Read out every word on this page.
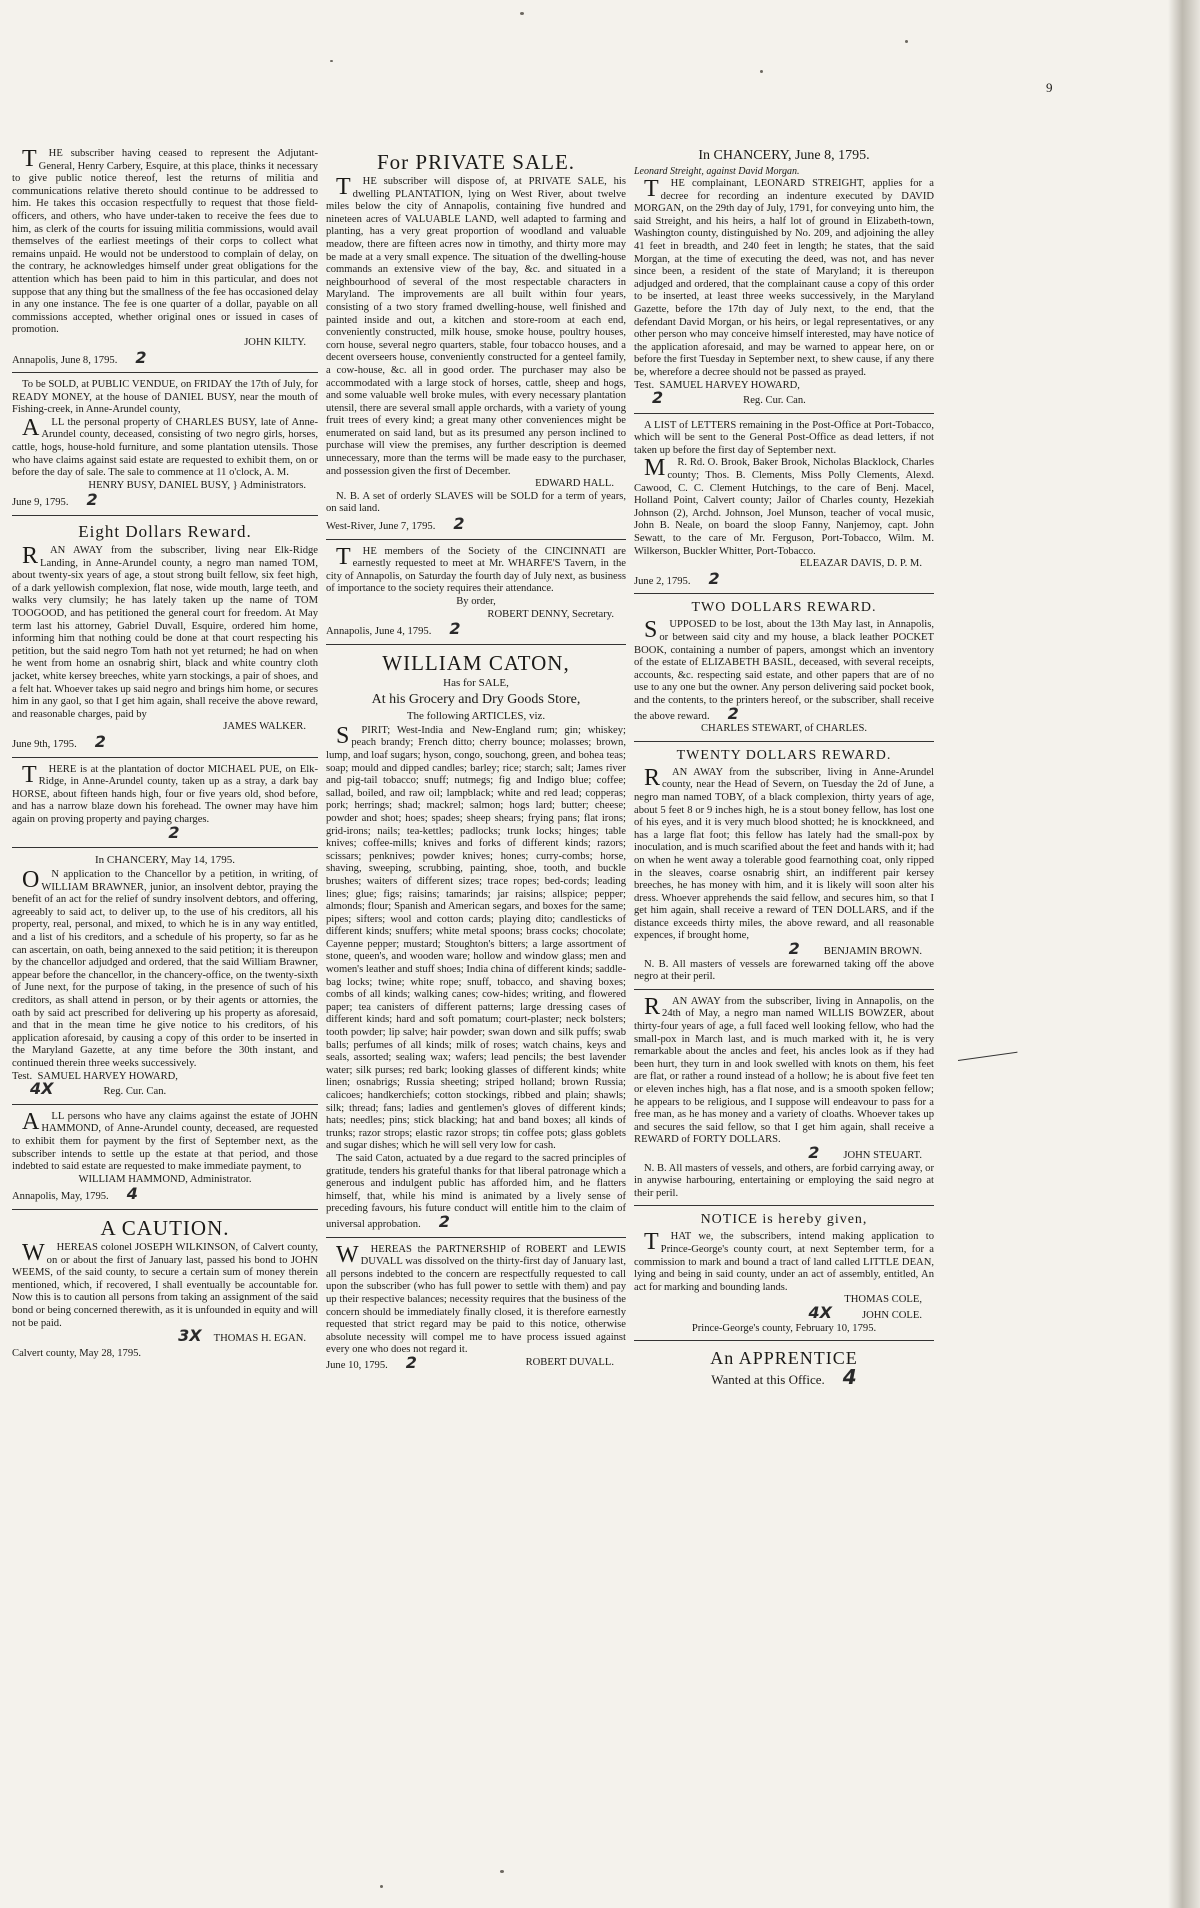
9

THE subscriber having ceased to represent the Adjutant-General, Henry Carbery, Esquire, at this place, thinks it necessary to give public notice thereof, lest the returns of militia and communications relative thereto should continue to be addressed to him. He takes this occasion respectfully to request that those field-officers, and others, who have under-taken to receive the fees due to him, as clerk of the courts for issuing militia commissions, would avail themselves of the earliest meetings of their corps to collect what remains unpaid. He would not be understood to complain of delay, on the contrary, he acknowledges himself under great obligations for the attention which has been paid to him in this particular, and does not suppose that any thing but the smallness of the fee has occasioned delay in any one instance. The fee is one quarter of a dollar, payable on all commissions accepted, whether original ones or issued in cases of promotion.

JOHN KILTY.
Annapolis, June 8, 1795. 2

To be SOLD, at PUBLIC VENDUE, on FRIDAY the 17th of July, for READY MONEY, at the house of DANIEL BUSY, near the mouth of Fishing-creek, in Anne-Arundel county,

ALL the personal property of CHARLES BUSY, late of Anne-Arundel county, deceased, consisting of two negro girls, horses, cattle, hogs, house-hold furniture, and some plantation utensils. Those who have claims against said estate are requested to exhibit them, on or before the day of sale. The sale to commence at 11 o'clock, A. M.

HENRY BUSY, DANIEL BUSY, } Administrators.
June 9, 1795. 2
Eight Dollars Reward.

RAN AWAY from the subscriber, living near Elk-Ridge Landing, in Anne-Arundel county, a negro man named TOM, about twenty-six years of age, a stout strong built fellow, six feet high, of a dark yellowish complexion, flat nose, wide mouth, large teeth, and walks very clumsily; he has lately taken up the name of TOM TOOGOOD, and has petitioned the general court for freedom. At May term last his attorney, Gabriel Duvall, Esquire, ordered him home, informing him that nothing could be done at that court respecting his petition, but the said negro Tom hath not yet returned; he had on when he went from home an osnabrig shirt, black and white country cloth jacket, white kersey breeches, white yarn stockings, a pair of shoes, and a felt hat. Whoever takes up said negro and brings him home, or secures him in any gaol, so that I get him again, shall receive the above reward, and reasonable charges, paid by

JAMES WALKER.
June 9th, 1795. 2

THERE is at the plantation of doctor MICHAEL PUE, on Elk-Ridge, in Anne-Arundel county, taken up as a stray, a dark bay HORSE, about fifteen hands high, four or five years old, shod before, and has a narrow blaze down his forehead. The owner may have him again on proving property and paying charges.

2
In CHANCERY, May 14, 1795.

ON application to the Chancellor by a petition, in writing, of WILLIAM BRAWNER, junior, an insolvent debtor, praying the benefit of an act for the relief of sundry insolvent debtors, and offering, agreeably to said act, to deliver up, to the use of his creditors, all his property, real, personal, and mixed, to which he is in any way entitled, and a list of his creditors, and a schedule of his property, so far as he can ascertain, on oath, being annexed to the said petition; it is thereupon by the chancellor adjudged and ordered, that the said William Brawner, appear before the chancellor, in the chancery-office, on the twenty-sixth of June next, for the purpose of taking, in the presence of such of his creditors, as shall attend in person, or by their agents or attornies, the oath by said act prescribed for delivering up his property as aforesaid, and that in the mean time he give notice to his creditors, of his application aforesaid, by causing a copy of this order to be inserted in the Maryland Gazette, at any time before the 30th instant, and continued therein three weeks successively.

Test. SAMUEL HARVEY HOWARD,
4X	Reg. Cur. Can.

ALL persons who have any claims against the estate of JOHN HAMMOND, of Anne-Arundel county, deceased, are requested to exhibit them for payment by the first of September next, as the subscriber intends to settle up the estate at that period, and those indebted to said estate are requested to make immediate payment, to

WILLIAM HAMMOND, Administrator.
Annapolis, May, 1795. 4
A CAUTION.

WHEREAS colonel JOSEPH WILKINSON, of Calvert county, on or about the first of January last, passed his bond to JOHN WEEMS, of the said county, to secure a certain sum of money therein mentioned, which, if recovered, I shall eventually be accountable for. Now this is to caution all persons from taking an assignment of the said bond or being concerned therewith, as it is unfounded in equity and will not be paid.

3X THOMAS H. EGAN.
Calvert county, May 28, 1795.
For PRIVATE SALE.

THE subscriber will dispose of, at PRIVATE SALE, his dwelling PLANTATION, lying on West River, about twelve miles below the city of Annapolis, containing five hundred and nineteen acres of VALUABLE LAND, well adapted to farming and planting, has a very great proportion of woodland and valuable meadow, there are fifteen acres now in timothy, and thirty more may be made at a very small expence. The situation of the dwelling-house commands an extensive view of the bay, &c. and situated in a neighbourhood of several of the most respectable characters in Maryland. The improvements are all built within four years, consisting of a two story framed dwelling-house, well finished and painted inside and out, a kitchen and store-room at each end, conveniently constructed, milk house, smoke house, poultry houses, corn house, several negro quarters, stable, four tobacco houses, and a decent overseers house, conveniently constructed for a genteel family, a cow-house, &c. all in good order. The purchaser may also be accommodated with a large stock of horses, cattle, sheep and hogs, and some valuable well broke mules, with every necessary plantation utensil, there are several small apple orchards, with a variety of young fruit trees of every kind; a great many other conveniences might be enumerated on said land, but as its presumed any person inclined to purchase will view the premises, any further description is deemed unnecessary, more than the terms will be made easy to the purchaser, and possession given the first of December.

EDWARD HALL.

N. B. A set of orderly SLAVES will be SOLD for a term of years, on said land.

West-River, June 7, 1795. 2

THE members of the Society of the CINCINNATI are earnestly requested to meet at Mr. WHARFE'S Tavern, in the city of Annapolis, on Saturday the fourth day of July next, as business of importance to the society requires their attendance.

By order,
ROBERT DENNY, Secretary.
Annapolis, June 4, 1795. 2
WILLIAM CATON,
Has for SALE,
At his Grocery and Dry Goods Store,
The following ARTICLES, viz.

SPIRIT; West-India and New-England rum; gin; whiskey; peach brandy; French ditto; cherry bounce; molasses; brown, lump, and loaf sugars; hyson, congo, souchong, green, and bohea teas; soap; mould and dipped candles; barley; rice; starch; salt; James river and pig-tail tobacco; snuff; nutmegs; fig and Indigo blue; coffee; sallad, boiled, and raw oil; lampblack; white and red lead; copperas; pork; herrings; shad; mackrel; salmon; hogs lard; butter; cheese; powder and shot; hoes; spades; sheep shears; frying pans; flat irons; grid-irons; nails; tea-kettles; padlocks; trunk locks; hinges; table knives; coffee-mills; knives and forks of different kinds; razors; scissars; penknives; powder knives; hones; curry-combs; horse, shaving, sweeping, scrubbing, painting, shoe, tooth, and buckle brushes; waiters of different sizes; trace ropes; bed-cords; leading lines; glue; figs; raisins; tamarinds; jar raisins; allspice; pepper; almonds; flour; Spanish and American segars, and boxes for the same; pipes; sifters; wool and cotton cards; playing dito; candlesticks of different kinds; snuffers; white metal spoons; brass cocks; chocolate; Cayenne pepper; mustard; Stoughton's bitters; a large assortment of stone, queen's, and wooden ware; hollow and window glass; men and women's leather and stuff shoes; India china of different kinds; saddle-bag locks; twine; white rope; snuff, tobacco, and shaving boxes; combs of all kinds; walking canes; cow-hides; writing, and flowered paper; tea canisters of different patterns; large dressing cases of different kinds; hard and soft pomatum; court-plaster; neck bolsters; tooth powder; lip salve; hair powder; swan down and silk puffs; swab balls; perfumes of all kinds; milk of roses; watch chains, keys and seals, assorted; sealing wax; wafers; lead pencils; the best lavender water; silk purses; red bark; looking glasses of different kinds; white linen; osnabrigs; Russia sheeting; striped holland; brown Russia; calicoes; handkerchiefs; cotton stockings, ribbed and plain; shawls; silk; thread; fans; ladies and gentlemen's gloves of different kinds; hats; needles; pins; stick blacking; hat and band boxes; all kinds of trunks; razor strops; elastic razor strops; tin coffee pots; glass goblets and sugar dishes; which he will sell very low for cash.

The said Caton, actuated by a due regard to the sacred principles of gratitude, tenders his grateful thanks for that liberal patronage which a generous and indulgent public has afforded him, and he flatters himself, that, while his mind is animated by a lively sense of preceding favours, his future conduct will entitle him to the claim of universal approbation. 2

WHEREAS the PARTNERSHIP of ROBERT and LEWIS DUVALL was dissolved on the thirty-first day of January last, all persons indebted to the concern are respectfully requested to call upon the subscriber (who has full power to settle with them) and pay up their respective balances; necessity requires that the business of the concern should be immediately finally closed, it is therefore earnestly requested that strict regard may be paid to this notice, otherwise absolute necessity will compel me to have process issued against every one who does not regard it.

June 10, 1795. 2	ROBERT DUVALL.
In CHANCERY, June 8, 1795.
Leonard Streight, against David Morgan.

THE complainant, LEONARD STREIGHT, applies for a decree for recording an indenture executed by DAVID MORGAN, on the 29th day of July, 1791, for conveying unto him, the said Streight, and his heirs, a half lot of ground in Elizabeth-town, Washington county, distinguished by No. 209, and adjoining the alley 41 feet in breadth, and 240 feet in length; he states, that the said Morgan, at the time of executing the deed, was not, and has never since been, a resident of the state of Maryland; it is thereupon adjudged and ordered, that the complainant cause a copy of this order to be inserted, at least three weeks successively, in the Maryland Gazette, before the 17th day of July next, to the end, that the defendant David Morgan, or his heirs, or legal representatives, or any other person who may conceive himself interested, may have notice of the application aforesaid, and may be warned to appear here, on or before the first Tuesday in September next, to shew cause, if any there be, wherefore a decree should not be passed as prayed.

Test. SAMUEL HARVEY HOWARD,
2	Reg. Cur. Can.

A LIST of LETTERS remaining in the Post-Office at Port-Tobacco, which will be sent to the General Post-Office as dead letters, if not taken up before the first day of September next.

MR. Rd. O. Brook, Baker Brook, Nicholas Blacklock, Charles county; Thos. B. Clements, Miss Polly Clements, Alexd. Cawood, C. C. Clement Hutchings, to the care of Benj. Macel, Holland Point, Calvert county; Jailor of Charles county, Hezekiah Johnson (2), Archd. Johnson, Joel Munson, teacher of vocal music, John B. Neale, on board the sloop Fanny, Nanjemoy, capt. John Sewatt, to the care of Mr. Ferguson, Port-Tobacco, Wilm. M. Wilkerson, Buckler Whitter, Port-Tobacco.

ELEAZAR DAVIS, D. P. M.
June 2, 1795. 2
TWO DOLLARS REWARD.

SUPPOSED to be lost, about the 13th May last, in Annapolis, or between said city and my house, a black leather POCKET BOOK, containing a number of papers, amongst which an inventory of the estate of ELIZABETH BASIL, deceased, with several receipts, accounts, &c. respecting said estate, and other papers that are of no use to any one but the owner. Any person delivering said pocket book, and the contents, to the printers hereof, or the subscriber, shall receive the above reward. 2

CHARLES STEWART, of CHARLES.
TWENTY DOLLARS REWARD.

RAN AWAY from the subscriber, living in Anne-Arundel county, near the Head of Severn, on Tuesday the 2d of June, a negro man named TOBY, of a black complexion, thirty years of age, about 5 feet 8 or 9 inches high, he is a stout boney fellow, has lost one of his eyes, and it is very much blood shotted; he is knockkneed, and has a large flat foot; this fellow has lately had the small-pox by inoculation, and is much scarified about the feet and hands with it; had on when he went away a tolerable good fearnothing coat, only ripped in the sleaves, coarse osnabrig shirt, an indifferent pair kersey breeches, he has money with him, and it is likely will soon alter his dress. Whoever apprehends the said fellow, and secures him, so that I get him again, shall receive a reward of TEN DOLLARS, and if the distance exceeds thirty miles, the above reward, and all reasonable expences, if brought home,

2 BENJAMIN BROWN.

N. B. All masters of vessels are forewarned taking off the above negro at their peril.

RAN AWAY from the subscriber, living in Annapolis, on the 24th of May, a negro man named WILLIS BOWZER, about thirty-four years of age, a full faced well looking fellow, who had the small-pox in March last, and is much marked with it, he is very remarkable about the ancles and feet, his ancles look as if they had been hurt, they turn in and look swelled with knots on them, his feet are flat, or rather a round instead of a hollow; he is about five feet ten or eleven inches high, has a flat nose, and is a smooth spoken fellow; he appears to be religious, and I suppose will endeavour to pass for a free man, as he has money and a variety of cloaths. Whoever takes up and secures the said fellow, so that I get him again, shall receive a REWARD of FORTY DOLLARS.

2 JOHN STEUART.

N. B. All masters of vessels, and others, are forbid carrying away, or in anywise harbouring, entertaining or employing the said negro at their peril.

NOTICE is hereby given,

THAT we, the subscribers, intend making application to Prince-George's county court, at next September term, for a commission to mark and bound a tract of land called LITTLE DEAN, lying and being in said county, under an act of assembly, entitled, An act for marking and bounding lands.

THOMAS COLE,
4X	JOHN COLE.
Prince-George's county, February 10, 1795.
An APPRENTICE
Wanted at this Office. 4
